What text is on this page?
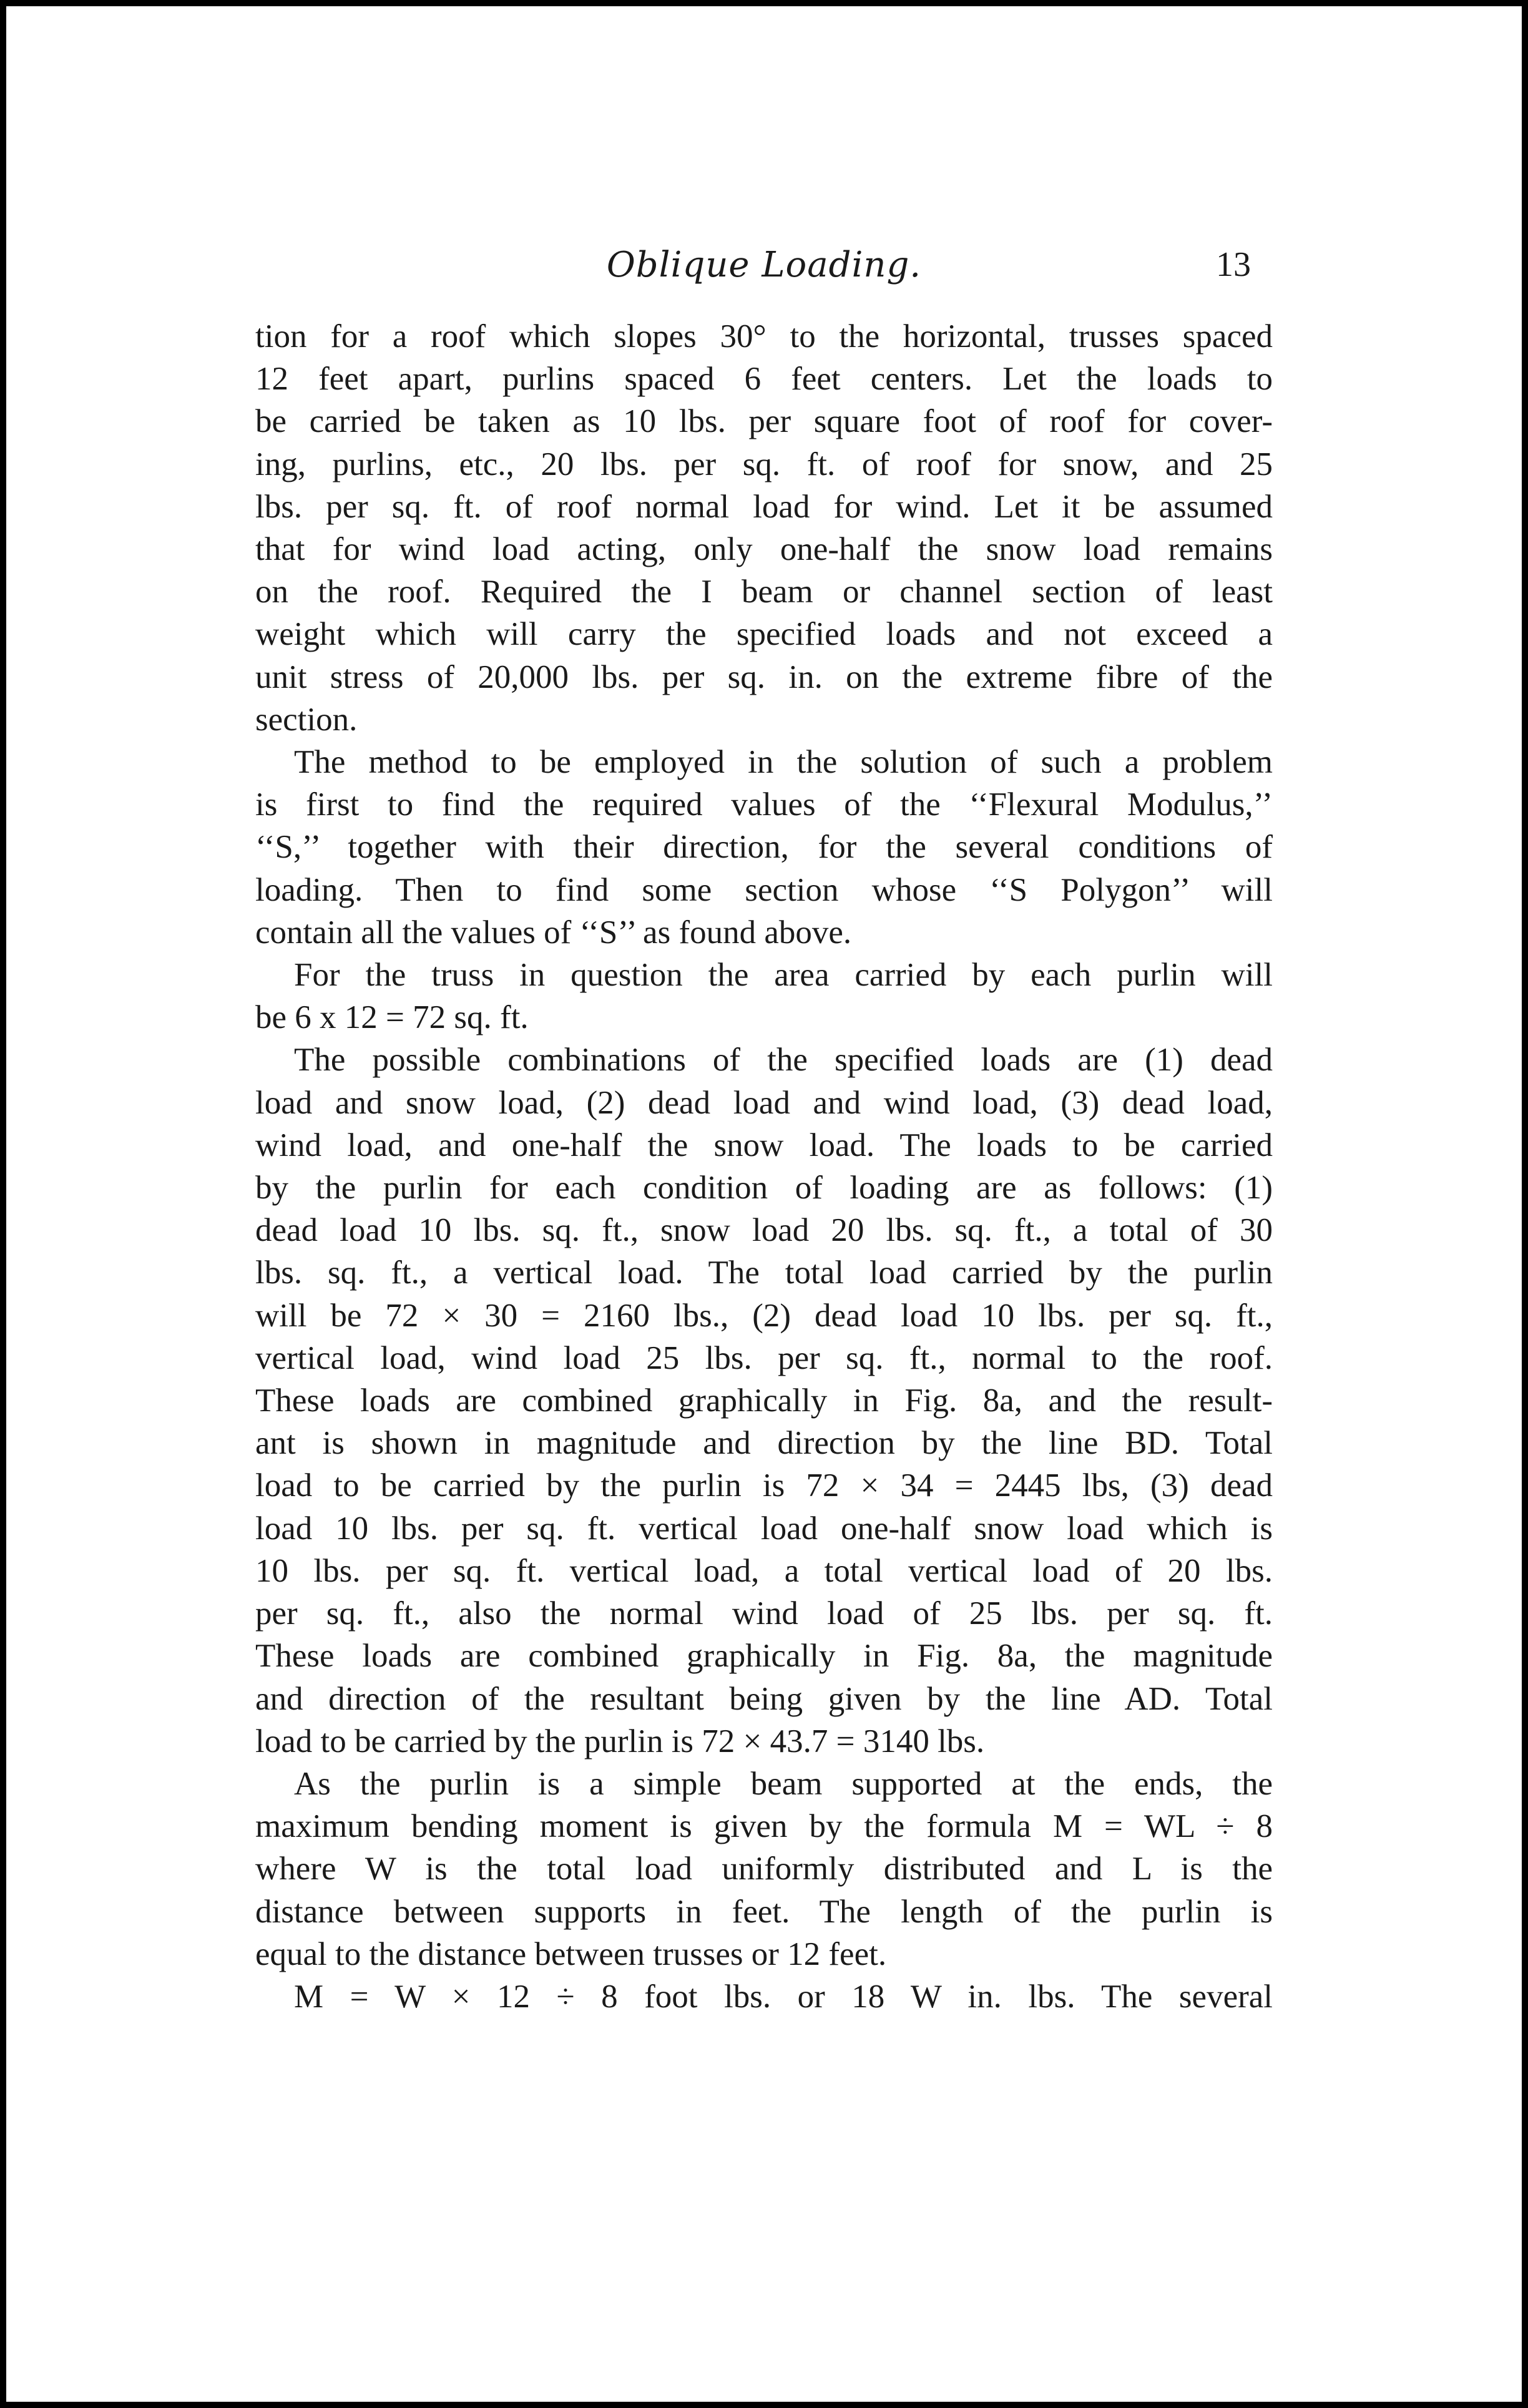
Oblique Loading.	13

tion for a roof which slopes 30° to the horizontal, trusses spaced

12 feet apart, purlins spaced 6 feet centers. Let the loads to

be carried be taken as 10 lbs. per square foot of roof for cover-

ing, purlins, etc., 20 lbs. per sq. ft. of roof for snow, and 25

lbs. per sq. ft. of roof normal load for wind. Let it be assumed

that for wind load acting, only one-half the snow load remains

on the roof. Required the I beam or channel section of least

weight which will carry the specified loads and not exceed a

unit stress of 20,000 lbs. per sq. in. on the extreme fibre of the

section.

The method to be employed in the solution of such a problem

is first to find the required values of the ‘‘Flexural Modulus,’’

‘‘S,’’ together with their direction, for the several conditions of

loading. Then to find some section whose ‘‘S Polygon’’ will

contain all the values of ‘‘S’’ as found above.

For the truss in question the area carried by each purlin will

be 6 x 12 = 72 sq. ft.

The possible combinations of the specified loads are (1) dead

load and snow load, (2) dead load and wind load, (3) dead load,

wind load, and one-half the snow load. The loads to be carried

by the purlin for each condition of loading are as follows: (1)

dead load 10 lbs. sq. ft., snow load 20 lbs. sq. ft., a total of 30

lbs. sq. ft., a vertical load. The total load carried by the purlin

will be 72 × 30 = 2160 lbs., (2) dead load 10 lbs. per sq. ft.,

vertical load, wind load 25 lbs. per sq. ft., normal to the roof.

These loads are combined graphically in Fig. 8a, and the result-

ant is shown in magnitude and direction by the line BD. Total

load to be carried by the purlin is 72 × 34 = 2445 lbs, (3) dead

load 10 lbs. per sq. ft. vertical load one-half snow load which is

10 lbs. per sq. ft. vertical load, a total vertical load of 20 lbs.

per sq. ft., also the normal wind load of 25 lbs. per sq. ft.

These loads are combined graphically in Fig. 8a, the magnitude

and direction of the resultant being given by the line AD. Total

load to be carried by the purlin is 72 × 43.7 = 3140 lbs.

As the purlin is a simple beam supported at the ends, the

maximum bending moment is given by the formula M = WL ÷ 8

where W is the total load uniformly distributed and L is the

distance between supports in feet. The length of the purlin is

equal to the distance between trusses or 12 feet.

M = W × 12 ÷ 8 foot lbs. or 18 W in. lbs. The several
